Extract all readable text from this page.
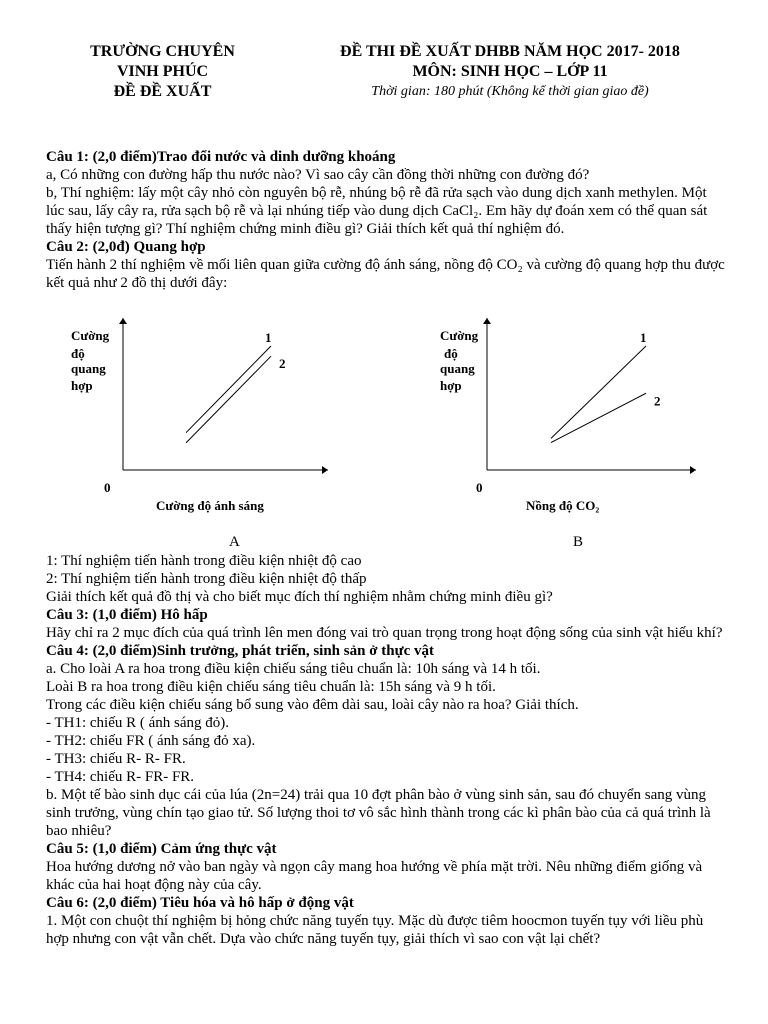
TRƯỜNG CHUYÊN
VINH PHÚC
ĐỀ ĐỀ XUẤT
ĐỀ THI ĐỀ XUẤT DHBB NĂM HỌC 2017- 2018
MÔN: SINH HỌC – LỚP 11
Thời gian: 180 phút (Không kể thời gian giao đề)

Câu 1: (2,0 điểm)Trao đổi nước và dinh dưỡng khoáng

a, Có những con đường hấp thu nước nào? Vì sao cây cần đồng thời những con đường đó?

b, Thí nghiệm: lấy một cây nhỏ còn nguyên bộ rễ, nhúng bộ rễ đã rửa sạch vào dung dịch xanh methylen. Một lúc sau, lấy cây ra, rửa sạch bộ rễ và lại nhúng tiếp vào dung dịch CaCl₂. Em hãy dự đoán xem có thể quan sát thấy hiện tượng gì? Thí nghiệm chứng minh điều gì? Giải thích kết quả thí nghiệm đó.

Câu 2: (2,0đ) Quang hợp

Tiến hành 2 thí nghiệm về mối liên quan giữa cường độ ánh sáng, nồng độ CO₂ và cường độ quang hợp thu được kết quả như 2 đồ thị dưới đây:

Cường
độ
quang
hợp
0
Cường độ ánh sáng
1
2
Cường
độ
quang
hợp
0
Nồng độ CO₂
1
2
A	B

1: Thí nghiệm tiến hành trong điều kiện nhiệt độ cao

2: Thí nghiệm tiến hành trong điều kiện nhiệt độ thấp

Giải thích kết quả đồ thị và cho biết mục đích thí nghiệm nhằm chứng minh điều gì?

Câu 3: (1,0 điểm) Hô hấp

Hãy chỉ ra 2 mục đích của quá trình lên men đóng vai trò quan trọng trong hoạt động sống của sinh vật hiếu khí?

Câu 4: (2,0 điểm)Sinh trưởng, phát triển, sinh sản ở thực vật

a. Cho loài A ra hoa trong điều kiện chiếu sáng tiêu chuẩn là: 10h sáng và 14 h tối.

Loài B ra hoa trong điều kiện chiếu sáng tiêu chuẩn là: 15h sáng và 9 h tối.

Trong các điều kiện chiếu sáng bổ sung vào đêm dài sau, loài cây nào ra hoa? Giải thích.

- TH1: chiếu R ( ánh sáng đỏ).

- TH2: chiếu FR ( ánh sáng đỏ xa).

- TH3: chiếu R- R- FR.

- TH4: chiếu R- FR- FR.

b. Một tế bào sinh dục cái của lúa (2n=24) trải qua 10 đợt phân bào ở vùng sinh sản, sau đó chuyển sang vùng sinh trưởng, vùng chín tạo giao tử. Số lượng thoi tơ vô sắc hình thành trong các kì phân bào của cả quá trình là bao nhiêu?

Câu 5: (1,0 điểm) Cảm ứng thực vật

Hoa hướng dương nở vào ban ngày và ngọn cây mang hoa hướng về phía mặt trời. Nêu những điểm giống và khác của hai hoạt động này của cây.

Câu 6: (2,0 điểm) Tiêu hóa và hô hấp ở động vật

1. Một con chuột thí nghiệm bị hỏng chức năng tuyến tụy. Mặc dù được tiêm hoocmon tuyến tụy với liều phù hợp nhưng con vật vẫn chết. Dựa vào chức năng tuyến tụy, giải thích vì sao con vật lại chết?
